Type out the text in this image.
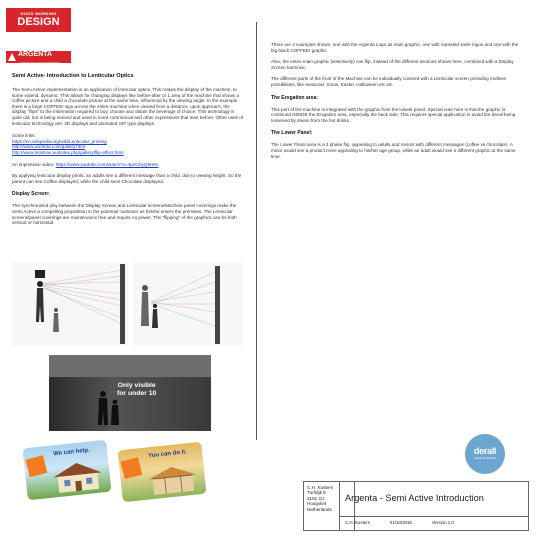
GOOD MORNING
DESIGN
ARGENTA
A TASTE OF GOOD MORNING
Semi Active- Introduction to Lenticular Optics

The Semi Active implementation is an application of lenticular optics. This makes the display of the machine, to some extend, dynamic. This allows for changing displays like before-after or 1 area of the machine that shows a coffee picture and a child a chocolate picture at the same time, influenced by the viewing angle. In the example there is a large COFFEE! sign across the entire machine when viewed from a distance, upon approach, the display "flips" to the information required to buy, choose and obtain the beverage of choice. This technology is quite old, but is being revived and used in more commercial and other expressions that ever before. Other uses of lenticular technology are: 3D displays and animated GIF type displays.

Some links:

https://en.wikipedia.org/wiki/Lenticular_printing
http://www.world3d.com/gallery.html
http://www.lenlimax.eu/index.php/gallery/flip-effect.html

An impressive video: https://www.youtube.com/watch?v=4pzCDyQ9H6o

By applying lenticular display prints, an adults see a different message than a child, due to viewing height. So the parent can see Coffee displayed, while the child sees Chocolate displayed.

Display Screen:

The synchronised play between the Display Screen and Lenticular screens/Machine panel coverings make the Semi Active a compelling proposition to the potential customer as he/she enters the premises. The Lenticular screens/panel coverings are maintenance free and require no power. The "flipping" of the graphics can be both vertical or horizontal.

Only visible
for under 10
We can help.	You can do it.

There are 3 examples shown, one with the Argenta Logo as main graphic, one with repeated smile logos and one with the big black COFFEE! graphic.

Also, the entire main graphic (selectively) can flip, instead of the different sections shown here, combined with a Display Screen harmonic.

The different parts of the front of the Machine can be individually covered with a Lenticular screen providing endless possibilities, like seasonal- Xmas, Easter, Halloween etc etc.

The Erogation area:

This part of the machine is integrated with the graphic from the lowest panel. Special note here is that the graphic is continued INSIDE the Erogation area, especially the back side. This requires special application to avoid the decal being loosened by steam from the hot drinks.

The Lower Panel:

The Lower Panel area is a 3 phase flip, appealing to adults and minors with different messages (coffee vs chocolate). A minor would see a product more appealing to his/her age group, while an adult would see s different graphic at the same time.

derall
design on demand
C.H. Kusters
Turfdijk 8
3191 GJ
Hoogvliet
Netherlands
Argenta - Semi Active Introduction
C.H. Kusters	01/10/2016	Version 1,0
